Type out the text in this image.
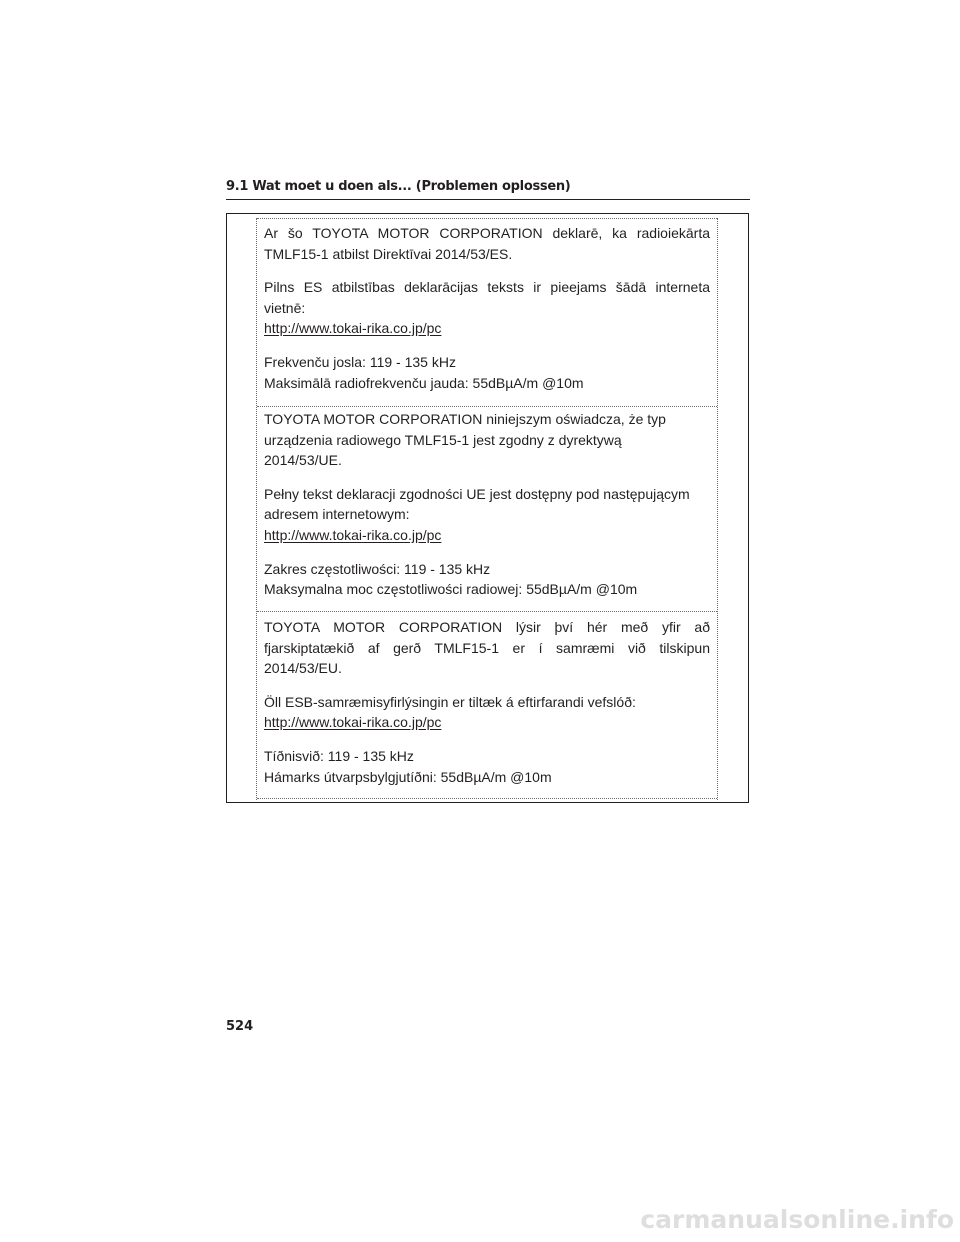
9.1 Wat moet u doen als... (Problemen oplossen)

Ar šo TOYOTA MOTOR CORPORATION deklarē, ka radioiekārta TMLF15-1 atbilst Direktīvai 2014/53/ES.

Pilns ES atbilstības deklarācijas teksts ir pieejams šādā interneta vietnē:
http://www.tokai-rika.co.jp/pc

Frekvenču josla: 119 - 135 kHz
Maksimālā radiofrekvenču jauda: 55dBµA/m @10m

TOYOTA MOTOR CORPORATION niniejszym oświadcza, że typ
urządzenia radiowego TMLF15-1 jest zgodny z dyrektywą
2014/53/UE.

Pełny tekst deklaracji zgodności UE jest dostępny pod następującym
adresem internetowym:
http://www.tokai-rika.co.jp/pc

Zakres częstotliwości: 119 - 135 kHz
Maksymalna moc częstotliwości radiowej: 55dBµA/m @10m

TOYOTA MOTOR CORPORATION lýsir því hér með yfir að fjarskiptatækið af gerð TMLF15-1 er í samræmi við tilskipun 2014/53/EU.

Öll ESB-samræmisyfirlýsingin er tiltæk á eftirfarandi vefslóð:
http://www.tokai-rika.co.jp/pc

Tíðnisvið: 119 - 135 kHz
Hámarks útvarpsbylgjutíðni: 55dBµA/m @10m

524
carmanualsonline.info
